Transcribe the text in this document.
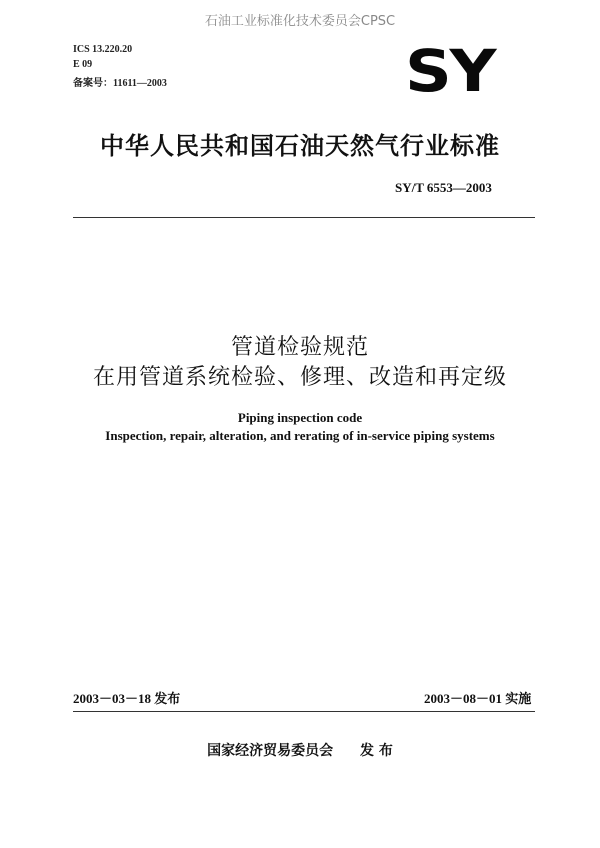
石油工业标准化技术委员会CPSC
ICS 13.220.20
E 09
备案号：11611—2003	SY
中华人民共和国石油天然气行业标准
SY/T 6553—2003
管道检验规范
在用管道系统检验、修理、改造和再定级
Piping inspection code
Inspection, repair, alteration, and rerating of in-service piping systems
2003－03－18 发布	2003－08－01 实施
国家经济贸易委员会 发 布
